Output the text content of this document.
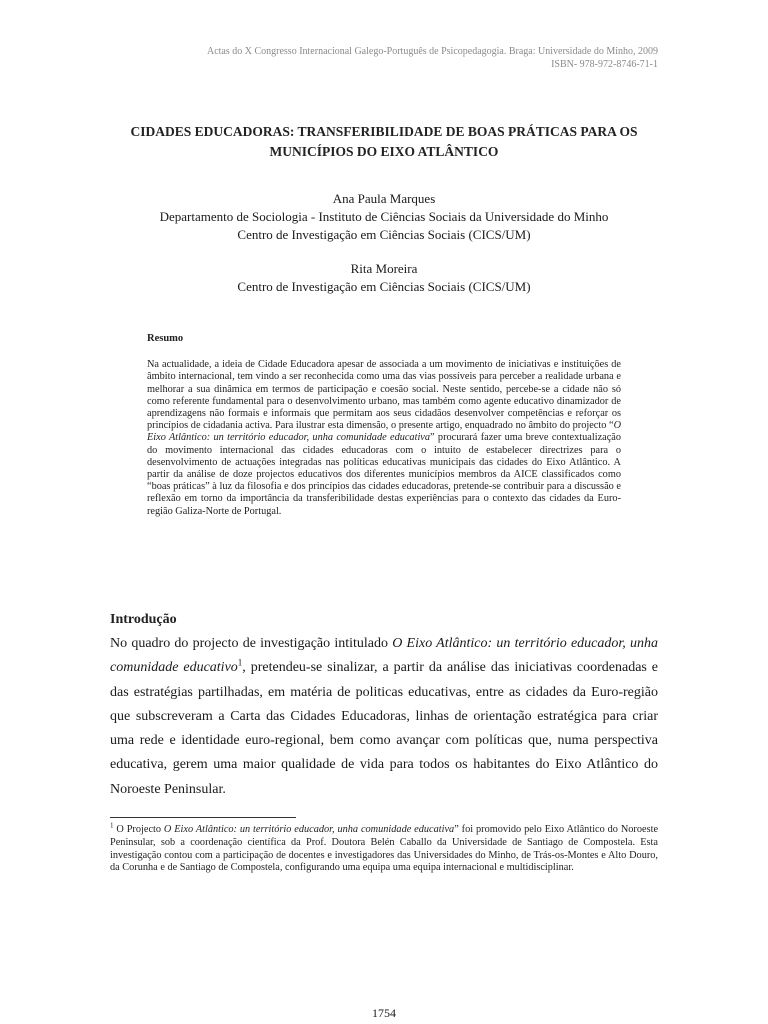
Actas do X Congresso Internacional Galego-Português de Psicopedagogia. Braga: Universidade do Minho, 2009
ISBN- 978-972-8746-71-1
CIDADES EDUCADORAS: TRANSFERIBILIDADE DE BOAS PRÁTICAS PARA OS
MUNICÍPIOS DO EIXO ATLÂNTICO
Ana Paula Marques
Departamento de Sociologia - Instituto de Ciências Sociais da Universidade do Minho
Centro de Investigação em Ciências Sociais (CICS/UM)
Rita Moreira
Centro de Investigação em Ciências Sociais (CICS/UM)
Resumo

Na actualidade, a ideia de Cidade Educadora apesar de associada a um movimento de iniciativas e instituições de âmbito internacional, tem vindo a ser reconhecida como uma das vias possíveis para perceber a realidade urbana e melhorar a sua dinâmica em termos de participação e coesão social. Neste sentido, percebe-se a cidade não só como referente fundamental para o desenvolvimento urbano, mas também como agente educativo dinamizador de aprendizagens não formais e informais que permitam aos seus cidadãos desenvolver competências e reforçar os princípios de cidadania activa. Para ilustrar esta dimensão, o presente artigo, enquadrado no âmbito do projecto “O Eixo Atlântico: un território educador, unha comunidade educativa” procurará fazer uma breve contextualização do movimento internacional das cidades educadoras com o intuito de estabelecer directrizes para o desenvolvimento de actuações integradas nas políticas educativas municipais das cidades do Eixo Atlântico. A partir da análise de doze projectos educativos dos diferentes municípios membros da AICE classificados como “boas práticas” à luz da filosofia e dos princípios das cidades educadoras, pretende-se contribuir para a discussão e reflexão em torno da importância da transferibilidade destas experiências para o contexto das cidades da Euro-região Galiza-Norte de Portugal.

Introdução

No quadro do projecto de investigação intitulado O Eixo Atlântico: un território educador, unha comunidade educativo$^1$, pretendeu-se sinalizar, a partir da análise das iniciativas coordenadas e das estratégias partilhadas, em matéria de politicas educativas, entre as cidades da Euro-região que subscreveram a Carta das Cidades Educadoras, linhas de orientação estratégica para criar uma rede e identidade euro-regional, bem como avançar com políticas que, numa perspectiva educativa, gerem uma maior qualidade de vida para todos os habitantes do Eixo Atlântico do Noroeste Peninsular.

$^1$ O Projecto O Eixo Atlântico: un território educador, unha comunidade educativa” foi promovido pelo Eixo Atlântico do Noroeste Peninsular, sob a coordenação científica da Prof. Doutora Belén Caballo da Universidade de Santiago de Compostela. Esta investigação contou com a participação de docentes e investigadores das Universidades do Minho, de Trás-os-Montes e Alto Douro, da Corunha e de Santiago de Compostela, configurando uma equipa uma equipa internacional e multidisciplinar.

1754
